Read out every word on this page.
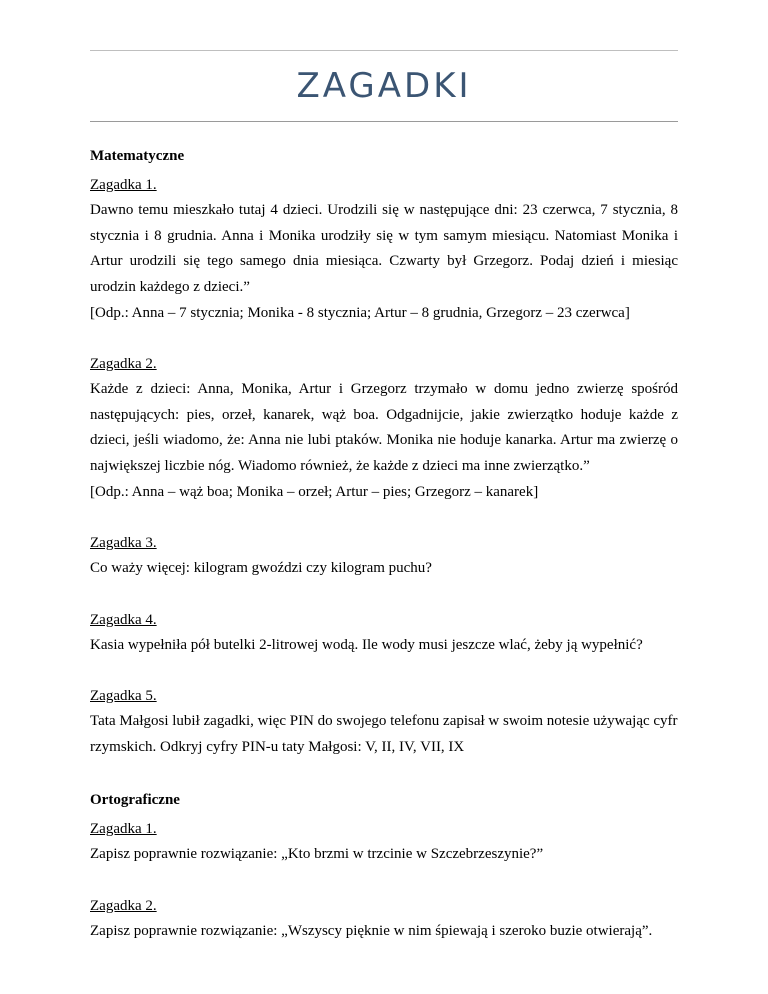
ZAGADKI
Matematyczne
Zagadka 1.
Dawno temu mieszkało tutaj 4 dzieci. Urodzili się w następujące dni: 23 czerwca, 7 stycznia, 8 stycznia i 8 grudnia. Anna i Monika urodziły się w tym samym miesiącu. Natomiast Monika i Artur urodzili się tego samego dnia miesiąca. Czwarty był Grzegorz. Podaj dzień i miesiąc urodzin każdego z dzieci.”
[Odp.: Anna – 7 stycznia; Monika - 8 stycznia; Artur – 8 grudnia, Grzegorz – 23 czerwca]
Zagadka 2.
Każde z dzieci: Anna, Monika, Artur i Grzegorz trzymało w domu jedno zwierzę spośród następujących: pies, orzeł, kanarek, wąż boa. Odgadnijcie, jakie zwierzątko hoduje każde z dzieci, jeśli wiadomo, że: Anna nie lubi ptaków. Monika nie hoduje kanarka. Artur ma zwierzę o największej liczbie nóg. Wiadomo również, że każde z dzieci ma inne zwierzątko.”
[Odp.: Anna – wąż boa; Monika – orzeł; Artur – pies; Grzegorz – kanarek]
Zagadka 3.
Co waży więcej: kilogram gwoździ czy kilogram puchu?
Zagadka 4.
Kasia wypełniła pół butelki 2-litrowej wodą. Ile wody musi jeszcze wlać, żeby ją wypełnić?
Zagadka 5.
Tata Małgosi lubił zagadki, więc PIN do swojego telefonu zapisał w swoim notesie używając cyfr rzymskich. Odkryj cyfry PIN-u taty Małgosi: V, II, IV, VII, IX
Ortograficzne
Zagadka 1.
Zapisz poprawnie rozwiązanie: „Kto brzmi w trzcinie w Szczebrzeszynie?”
Zagadka 2.
Zapisz poprawnie rozwiązanie: „Wszyscy pięknie w nim śpiewają i szeroko buzie otwierają”.
